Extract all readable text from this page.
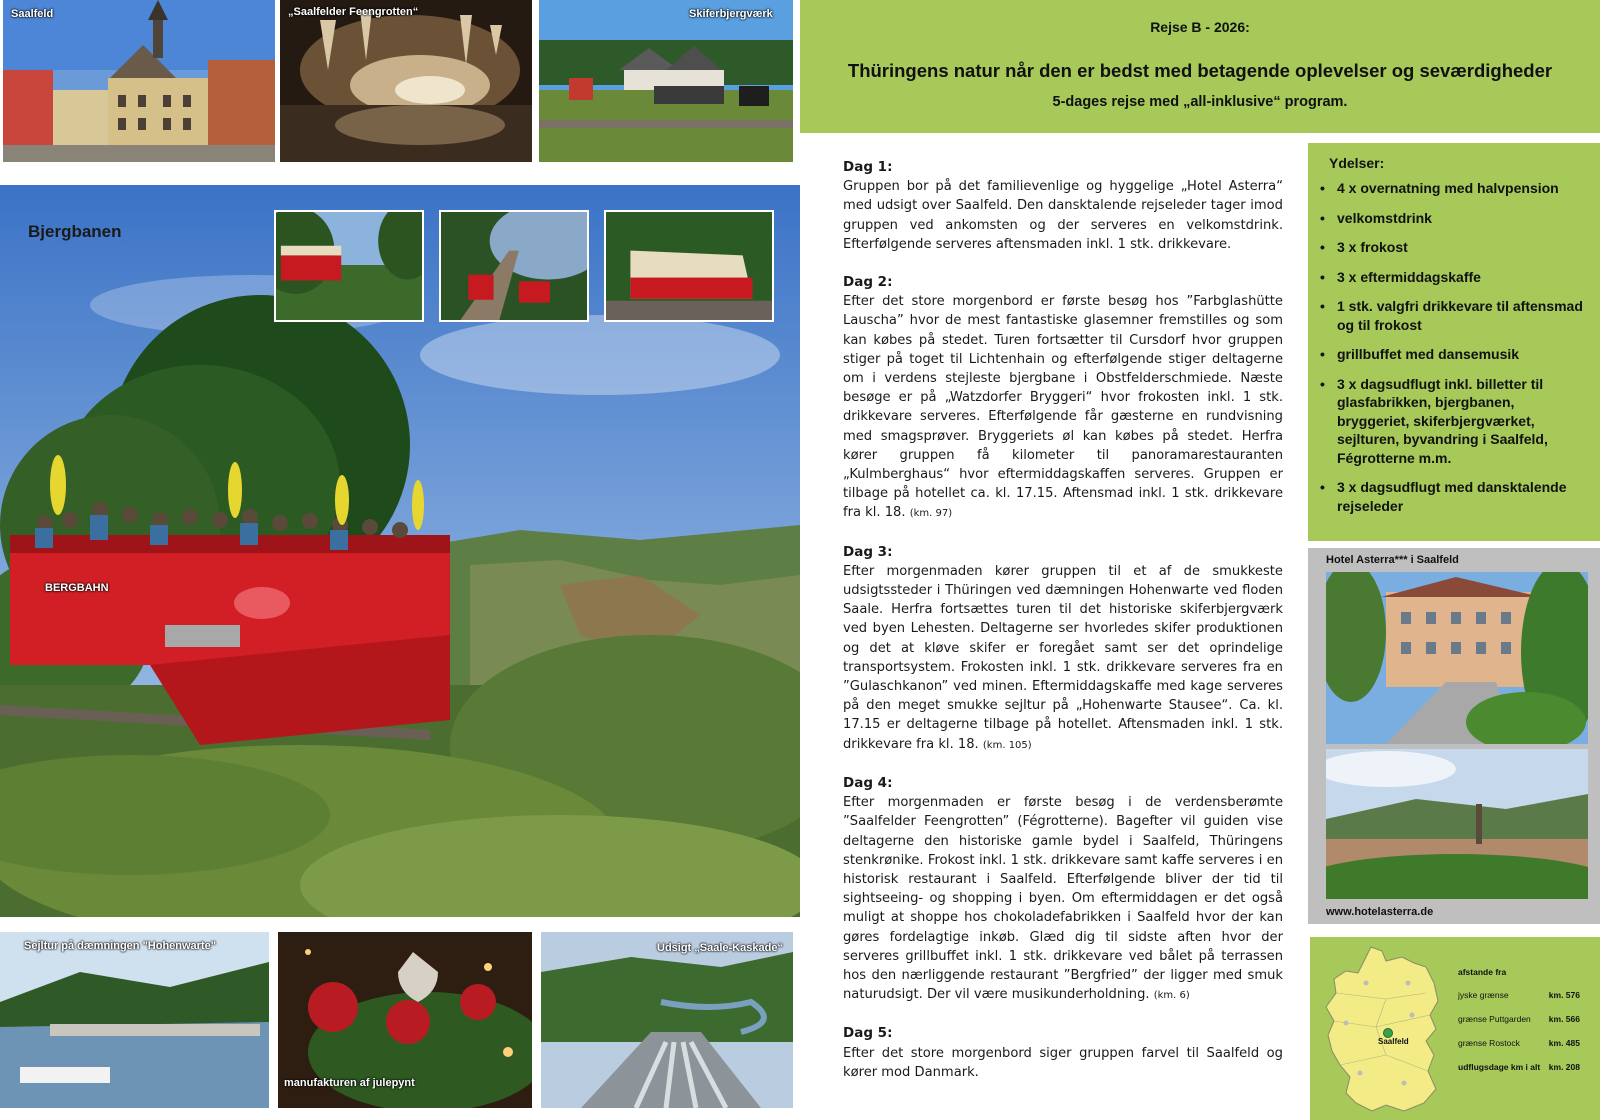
Saalfeld	„Saalfelder Feengrotten“	Skiferbjergværk
BERGBAHN
Bjergbanen
Sejltur på dæmningen "Hohenwarte"
manufakturen af julepynt
Udsigt „Saale-Kaskade“
Rejse B - 2026:
Thüringens natur når den er bedst med betagende oplevelser og seværdigheder
5-dages rejse med „all-inklusive“ program.
Dag 1:

Gruppen bor på det familievenlige og hyggelige „Hotel Asterra“ med udsigt over Saalfeld. Den dansktalende rejseleder tager imod gruppen ved ankomsten og der serveres en velkomstdrink. Efterfølgende serveres aftensmaden inkl. 1 stk. drikkevare.

Dag 2:

Efter det store morgenbord er første besøg hos ”Farbglashütte Lauscha” hvor de mest fantastiske glasemner fremstilles og som kan købes på stedet. Turen fortsætter til Cursdorf hvor gruppen stiger på toget til Lichtenhain og efterfølgende stiger deltagerne om i verdens stejleste bjergbane i Obstfelderschmiede. Næste besøge er på „Watzdorfer Bryggeri“ hvor frokosten inkl. 1 stk. drikkevare serveres. Efterfølgende får gæsterne en rundvisning med smagsprøver. Bryggeriets øl kan købes på stedet. Herfra kører gruppen få kilometer til panoramarestauranten „Kulmberghaus“ hvor eftermiddagskaffen serveres. Gruppen er tilbage på hotellet ca. kl. 17.15. Aftensmad inkl. 1 stk. drikkevare fra kl. 18. (km. 97)

Dag 3:

Efter morgenmaden kører gruppen til et af de smukkeste udsigtssteder i Thüringen ved dæmningen Hohenwarte ved floden Saale. Herfra fortsættes turen til det historiske skiferbjergværk ved byen Lehesten. Deltagerne ser hvorledes skifer produktionen og det at kløve skifer er foregået samt ser det oprindelige transportsystem. Frokosten inkl. 1 stk. drikkevare serveres fra en ”Gulaschkanon” ved minen. Eftermiddagskaffe med kage serveres på den meget smukke sejltur på „Hohenwarte Stausee“. Ca. kl. 17.15 er deltagerne tilbage på hotellet. Aftensmaden inkl. 1 stk. drikkevare fra kl. 18. (km. 105)

Dag 4:

Efter morgenmaden er første besøg i de verdensberømte ”Saalfelder Feengrotten” (Fégrotterne). Bagefter vil guiden vise deltagerne den historiske gamle bydel i Saalfeld, Thüringens stenkrønike. Frokost inkl. 1 stk. drikkevare samt kaffe serveres i en historisk restaurant i Saalfeld. Efterfølgende bliver der tid til sightseeing- og shopping i byen. Om eftermiddagen er det også muligt at shoppe hos chokoladefabrikken i Saalfeld hvor der kan gøres fordelagtige inkøb. Glæd dig til sidste aften hvor der serveres grillbuffet inkl. 1 stk. drikkevare ved bålet på terrassen hos den nærliggende restaurant ”Bergfried” der ligger med smuk naturudsigt. Der vil være musikunderholdning. (km. 6)

Dag 5:

Efter det store morgenbord siger gruppen farvel til Saalfeld og kører mod Danmark.

Ydelser:
• 4 x overnatning med halvpension
• velkomstdrink
• 3 x frokost
• 3 x eftermiddagskaffe
• 1 stk. valgfri drikkevare til aftensmad og til frokost
• grillbuffet med dansemusik
• 3 x dagsudflugt inkl. billetter til glasfabrikken, bjergbanen, bryggeriet, skiferbjergværket, sejlturen, byvandring i Saalfeld, Fégrotterne m.m.
• 3 x dagsudflugt med dansktalende rejseleder
Hotel Asterra*** i Saalfeld
www.hotelasterra.de
Saalfeld
afstande fra
jyske grænse	km. 576
grænse Puttgarden km. 566
grænse Rostock	km. 485
udflugsdage km i alt km. 208
